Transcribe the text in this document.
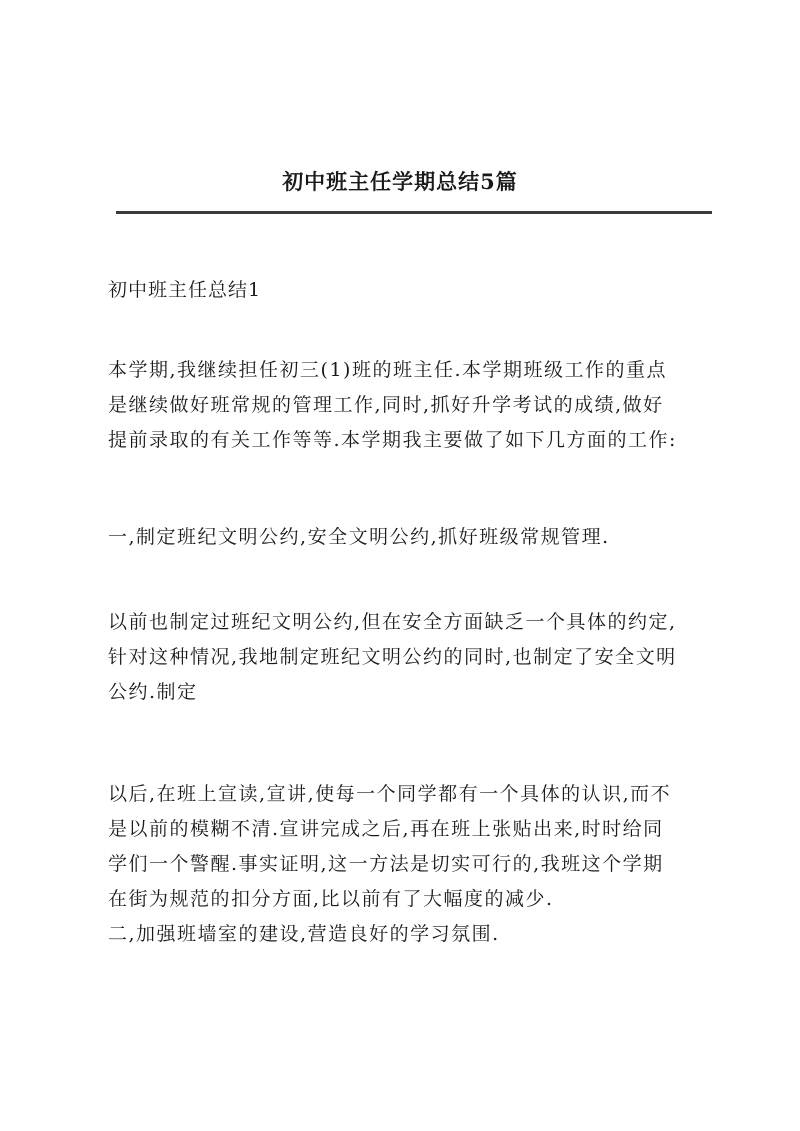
初中班主任学期总结5篇
初中班主任总结1

本学期,我继续担任初三(1)班的班主任.本学期班级工作的重点
是继续做好班常规的管理工作,同时,抓好升学考试的成绩,做好
提前录取的有关工作等等.本学期我主要做了如下几方面的工作:

一,制定班纪文明公约,安全文明公约,抓好班级常规管理.

以前也制定过班纪文明公约,但在安全方面缺乏一个具体的约定,
针对这种情况,我地制定班纪文明公约的同时,也制定了安全文明
公约.制定

以后,在班上宣读,宣讲,使每一个同学都有一个具体的认识,而不
是以前的模糊不清.宣讲完成之后,再在班上张贴出来,时时给同
学们一个警醒.事实证明,这一方法是切实可行的,我班这个学期
在街为规范的扣分方面,比以前有了大幅度的减少.
二,加强班墙室的建设,营造良好的学习氛围.
